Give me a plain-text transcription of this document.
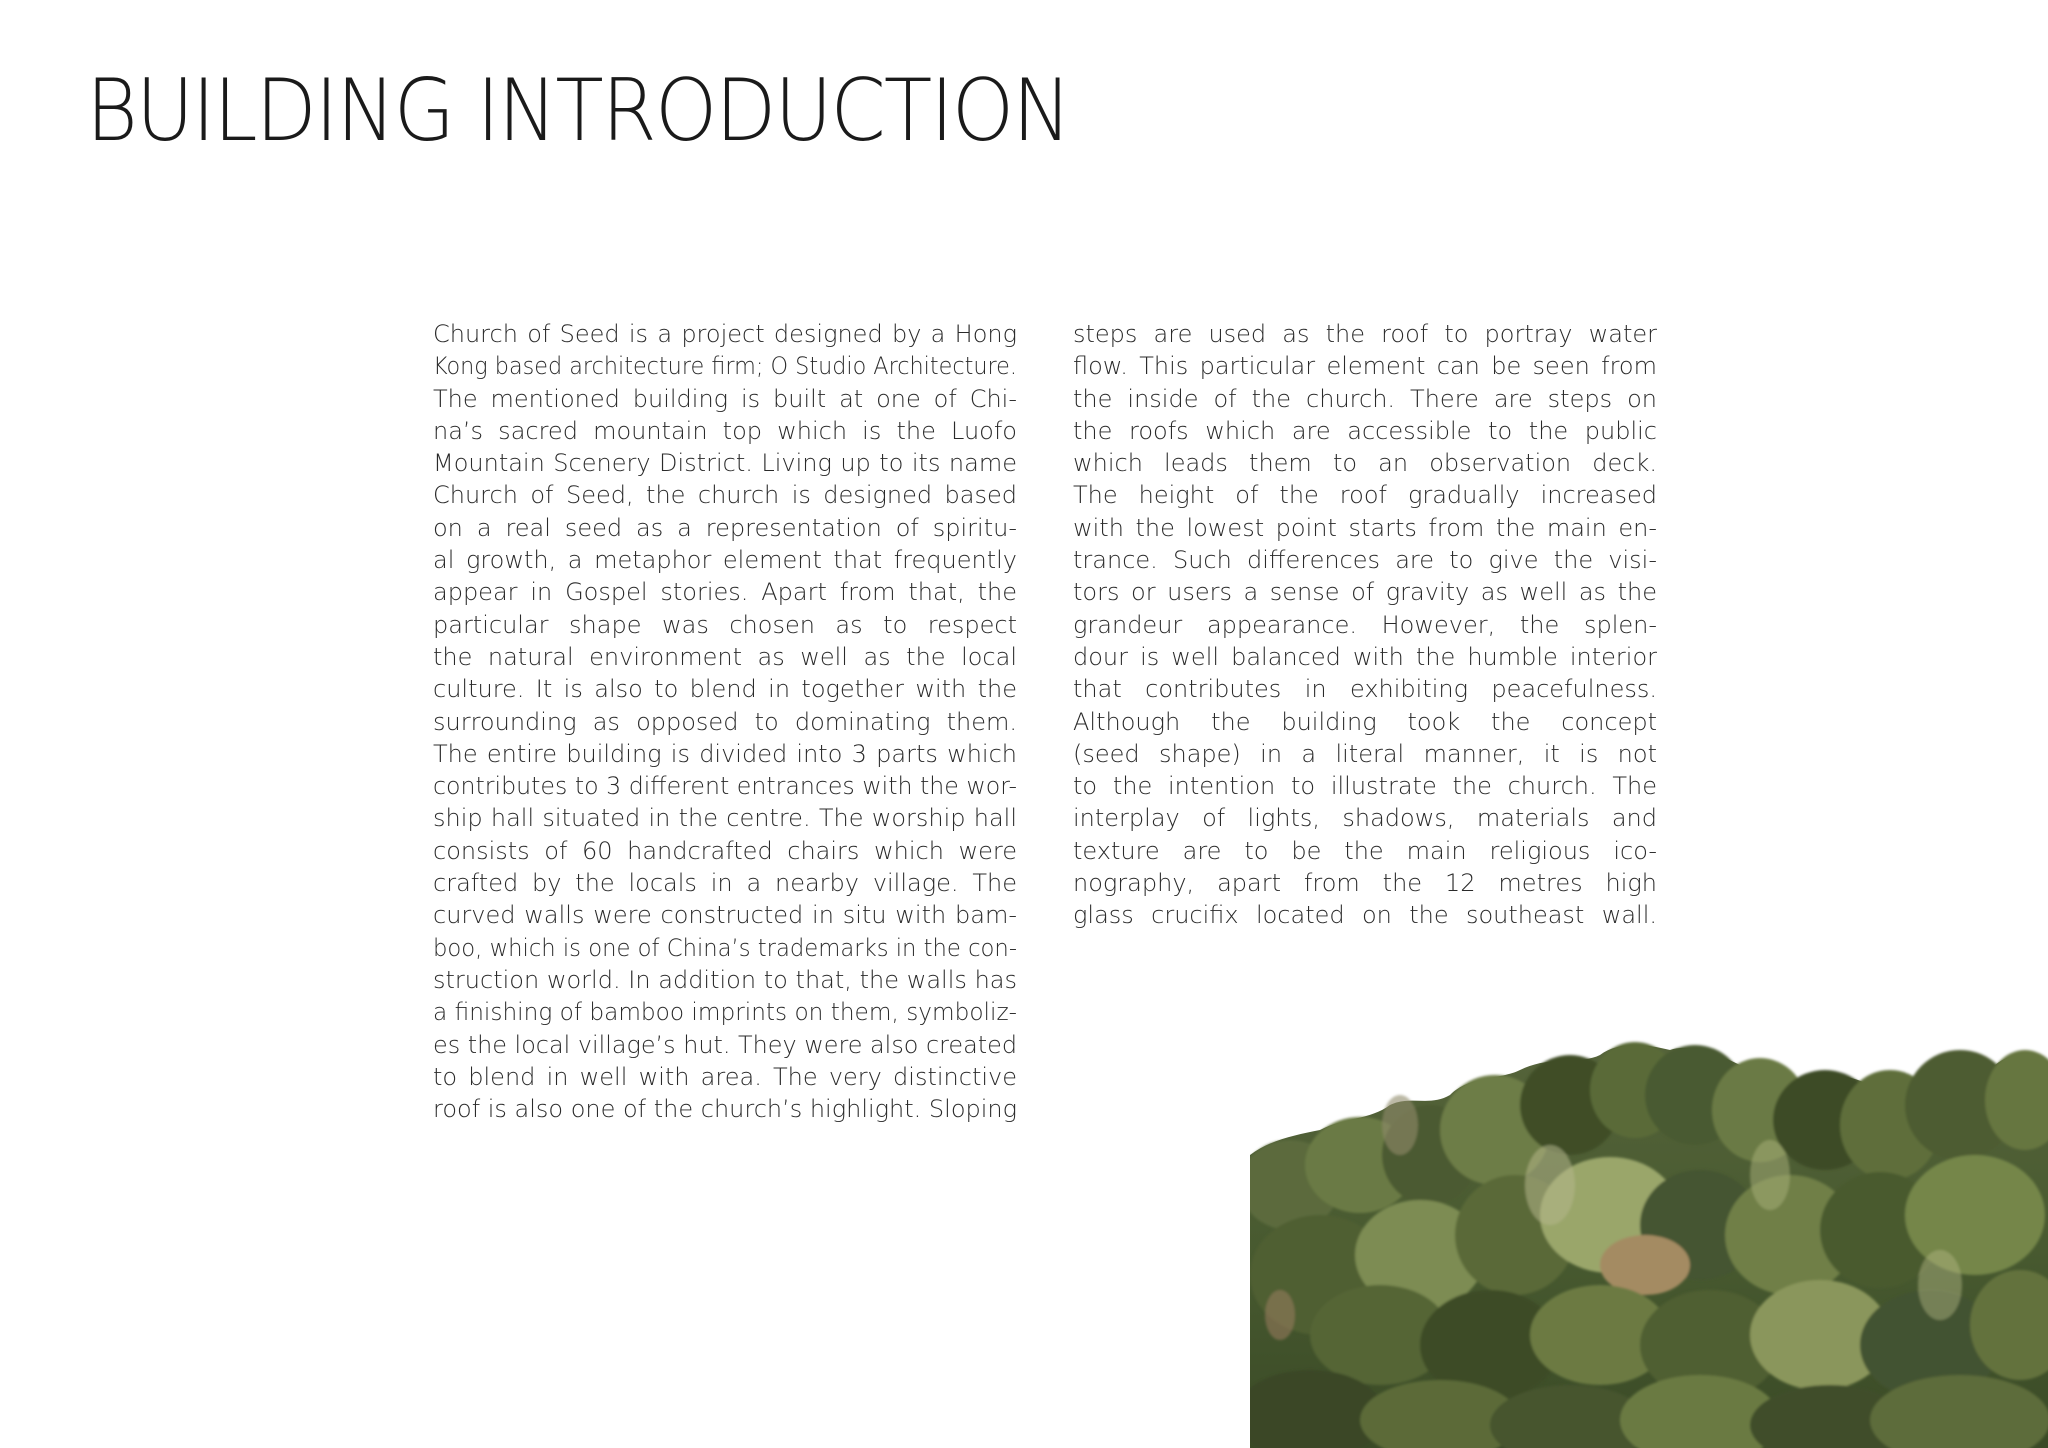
BUILDING INTRODUCTION
Church of Seed is a project designed by a Hong
Kong based architecture firm; O Studio Architecture.
The mentioned building is built at one of Chi-
na’s sacred mountain top which is the Luofo
Mountain Scenery District. Living up to its name
Church of Seed, the church is designed based
on a real seed as a representation of spiritu-
al growth, a metaphor element that frequently
appear in Gospel stories. Apart from that, the
particular shape was chosen as to respect
the natural environment as well as the local
culture. It is also to blend in together with the
surrounding as opposed to dominating them.
The entire building is divided into 3 parts which
contributes to 3 different entrances with the wor-
ship hall situated in the centre. The worship hall
consists of 60 handcrafted chairs which were
crafted by the locals in a nearby village. The
curved walls were constructed in situ with bam-
boo, which is one of China’s trademarks in the con-
struction world. In addition to that, the walls has
a finishing of bamboo imprints on them, symboliz-
es the local village’s hut. They were also created
to blend in well with area. The very distinctive
roof is also one of the church’s highlight. Sloping
steps are used as the roof to portray water
flow. This particular element can be seen from
the inside of the church. There are steps on
the roofs which are accessible to the public
which leads them to an observation deck.
The height of the roof gradually increased
with the lowest point starts from the main en-
trance. Such differences are to give the visi-
tors or users a sense of gravity as well as the
grandeur appearance. However, the splen-
dour is well balanced with the humble interior
that contributes in exhibiting peacefulness.
Although the building took the concept
(seed shape) in a literal manner, it is not
to the intention to illustrate the church. The
interplay of lights, shadows, materials and
texture are to be the main religious ico-
nography, apart from the 12 metres high
glass crucifix located on the southeast wall.
